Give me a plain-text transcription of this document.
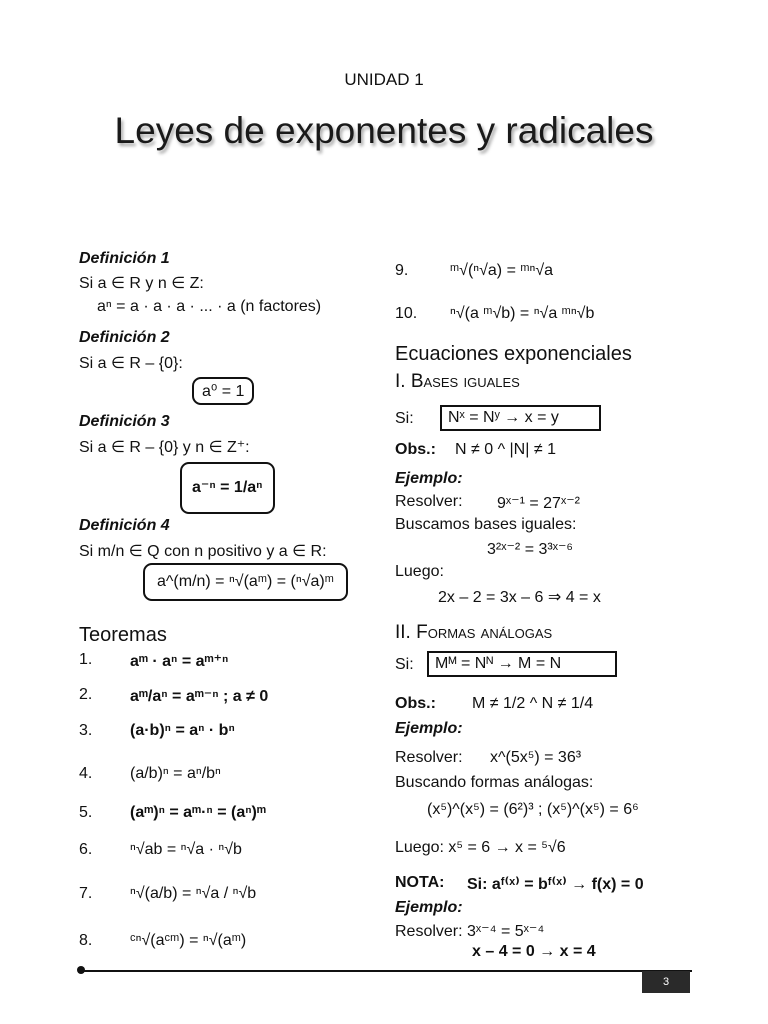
UNIDAD 1
Leyes de exponentes y radicales
Definición 1
Si a ∈ R y n ∈ Z:
aⁿ = a · a · a · ... · a (n factores)
Definición 2
Si a ∈ R – {0}:
a⁰ = 1
Definición 3
Si a ∈ R – {0} y n ∈ Z⁺:
a⁻ⁿ = 1/aⁿ
Definición 4
Si m/n ∈ Q con n positivo y a ∈ R:
a^(m/n) = ⁿ√(aᵐ) = (ⁿ√a)ᵐ
Teoremas
1. aᵐ · aⁿ = aᵐ⁺ⁿ
2. aᵐ/aⁿ = aᵐ⁻ⁿ ; a ≠ 0
3. (a·b)ⁿ = aⁿ · bⁿ
4. (a/b)ⁿ = aⁿ/bⁿ
5. (aᵐ)ⁿ = aᵐ·ⁿ = (aⁿ)ᵐ
6. ⁿ√ab = ⁿ√a · ⁿ√b
7. ⁿ√(a/b) = ⁿ√a / ⁿ√b
8. ᶜⁿ√(aᶜᵐ) = ⁿ√(aᵐ)
9.	ᵐ√(ⁿ√a) = ᵐⁿ√a
10. ⁿ√(a ᵐ√b) = ⁿ√a ᵐⁿ√b
Ecuaciones exponenciales
I. Bases iguales
Si:	Nˣ = Nʸ → x = y
Obs.: N ≠ 0 ^ |N| ≠ 1
Ejemplo:
Resolver: 9ˣ⁻¹ = 27ˣ⁻²
Buscamos bases iguales:
3²ˣ⁻² = 3³ˣ⁻⁶
Luego:
2x – 2 = 3x – 6 ⇒ 4 = x
II. Formas análogas
Si:	Mᴹ = Nᴺ → M = N
Obs.: M ≠ 1/2 ^ N ≠ 1/4
Ejemplo:
Resolver: x^(5x⁵) = 36³
Buscando formas análogas:
(x⁵)^(x⁵) = (6²)³ ; (x⁵)^(x⁵) = 6⁶
Luego: x⁵ = 6 → x = ⁵√6
NOTA: Si: aᶠ⁽ˣ⁾ = bᶠ⁽ˣ⁾ → f(x) = 0
Ejemplo:
Resolver: 3ˣ⁻⁴ = 5ˣ⁻⁴
x – 4 = 0 → x = 4
3
